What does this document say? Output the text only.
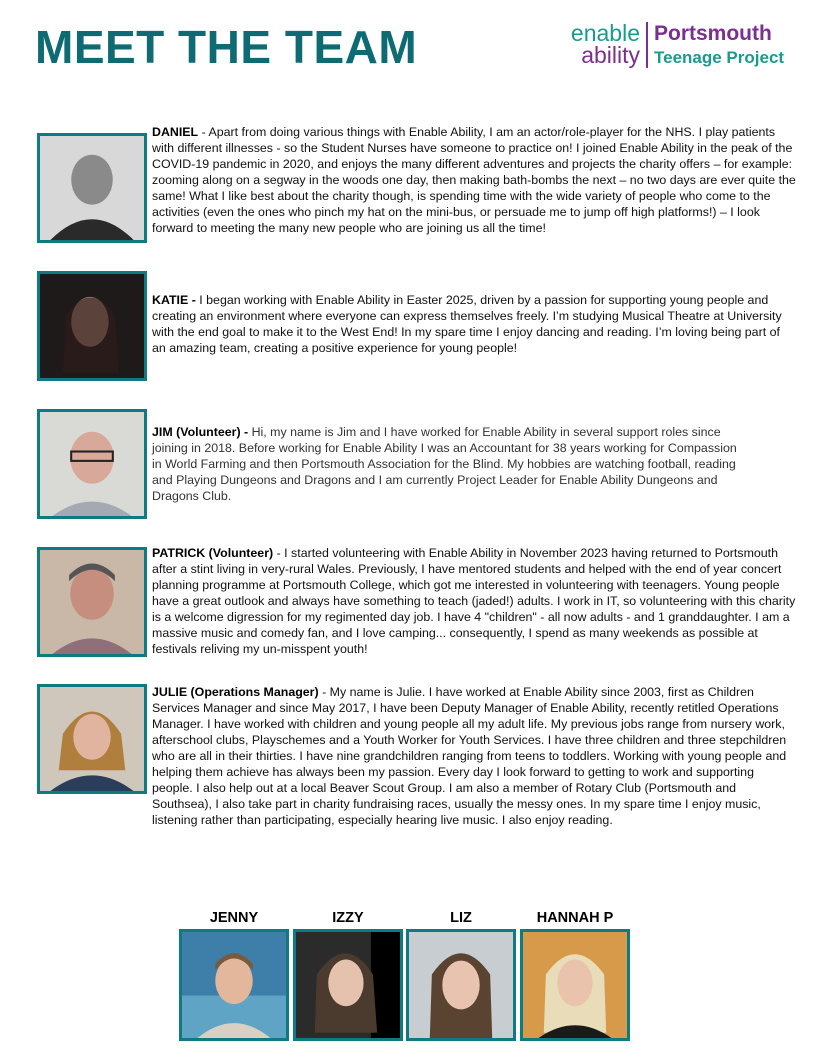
MEET THE TEAM	enable
ability
Portsmouth
Teenage Project

DANIEL - Apart from doing various things with Enable Ability, I am an actor/role-player for the NHS. I play patients with different illnesses - so the Student Nurses have someone to practice on! I joined Enable Ability in the peak of the COVID-19 pandemic in 2020, and enjoys the many different adventures and projects the charity offers – for example: zooming along on a segway in the woods one day, then making bath-bombs the next – no two days are ever quite the same! What I like best about the charity though, is spending time with the wide variety of people who come to the activities (even the ones who pinch my hat on the mini-bus, or persuade me to jump off high platforms!) – I look forward to meeting the many new people who are joining us all the time!

KATIE - I began working with Enable Ability in Easter 2025, driven by a passion for supporting young people and creating an environment where everyone can express themselves freely. I’m studying Musical Theatre at University with the end goal to make it to the West End! In my spare time I enjoy dancing and reading. I’m loving being part of an amazing team, creating a positive experience for young people!

JIM (Volunteer) - Hi, my name is Jim and I have worked for Enable Ability in several support roles since joining in 2018. Before working for Enable Ability I was an Accountant for 38 years working for Compassion in World Farming and then Portsmouth Association for the Blind. My hobbies are watching football, reading and Playing Dungeons and Dragons and I am currently Project Leader for Enable Ability Dungeons and Dragons Club.

PATRICK (Volunteer) - I started volunteering with Enable Ability in November 2023 having returned to Portsmouth after a stint living in very-rural Wales. Previously, I have mentored students and helped with the end of year concert planning programme at Portsmouth College, which got me interested in volunteering with teenagers. Young people have a great outlook and always have something to teach (jaded!) adults. I work in IT, so volunteering with this charity is a welcome digression for my regimented day job. I have 4 "children" - all now adults - and 1 granddaughter. I am a massive music and comedy fan, and I love camping... consequently, I spend as many weekends as possible at festivals reliving my un-misspent youth!

JULIE (Operations Manager) - My name is Julie. I have worked at Enable Ability since 2003, first as Children Services Manager and since May 2017, I have been Deputy Manager of Enable Ability, recently retitled Operations Manager. I have worked with children and young people all my adult life. My previous jobs range from nursery work, afterschool clubs, Playschemes and a Youth Worker for Youth Services. I have three children and three stepchildren who are all in their thirties. I have nine grandchildren ranging from teens to toddlers. Working with young people and helping them achieve has always been my passion. Every day I look forward to getting to work and supporting people. I also help out at a local Beaver Scout Group. I am also a member of Rotary Club (Portsmouth and Southsea), I also take part in charity fundraising races, usually the messy ones. In my spare time I enjoy music, listening rather than participating, especially hearing live music. I also enjoy reading.

JENNY	IZZY	LIZ	HANNAH P
